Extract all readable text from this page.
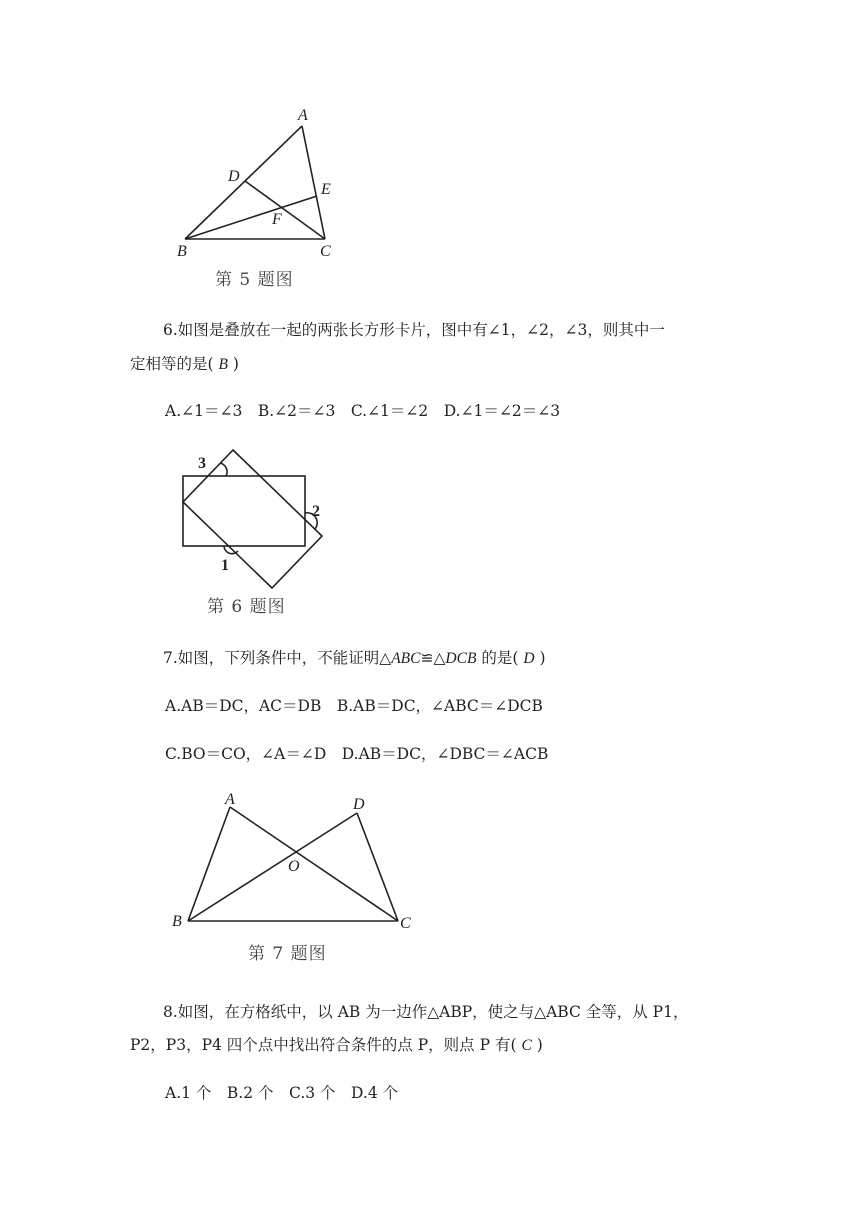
A
D
E
F
B	C
第 5 题图
6.如图是叠放在一起的两张长方形卡片，图中有∠1，∠2，∠3，则其中一
定相等的是( B )
A.∠1＝∠3　B.∠2＝∠3　C.∠1＝∠2　D.∠1＝∠2＝∠3
3
2
1
第 6 题图
7.如图，下列条件中，不能证明△ABC≌△DCB 的是( D )
A.AB＝DC，AC＝DB　B.AB＝DC，∠ABC＝∠DCB
C.BO＝CO，∠A＝∠D　D.AB＝DC，∠DBC＝∠ACB
A	D
O
B	C
第 7 题图
8.如图，在方格纸中，以 AB 为一边作△ABP，使之与△ABC 全等，从 P1，
P2，P3，P4 四个点中找出符合条件的点 P，则点 P 有( C )
A.1 个　B.2 个　C.3 个　D.4 个
